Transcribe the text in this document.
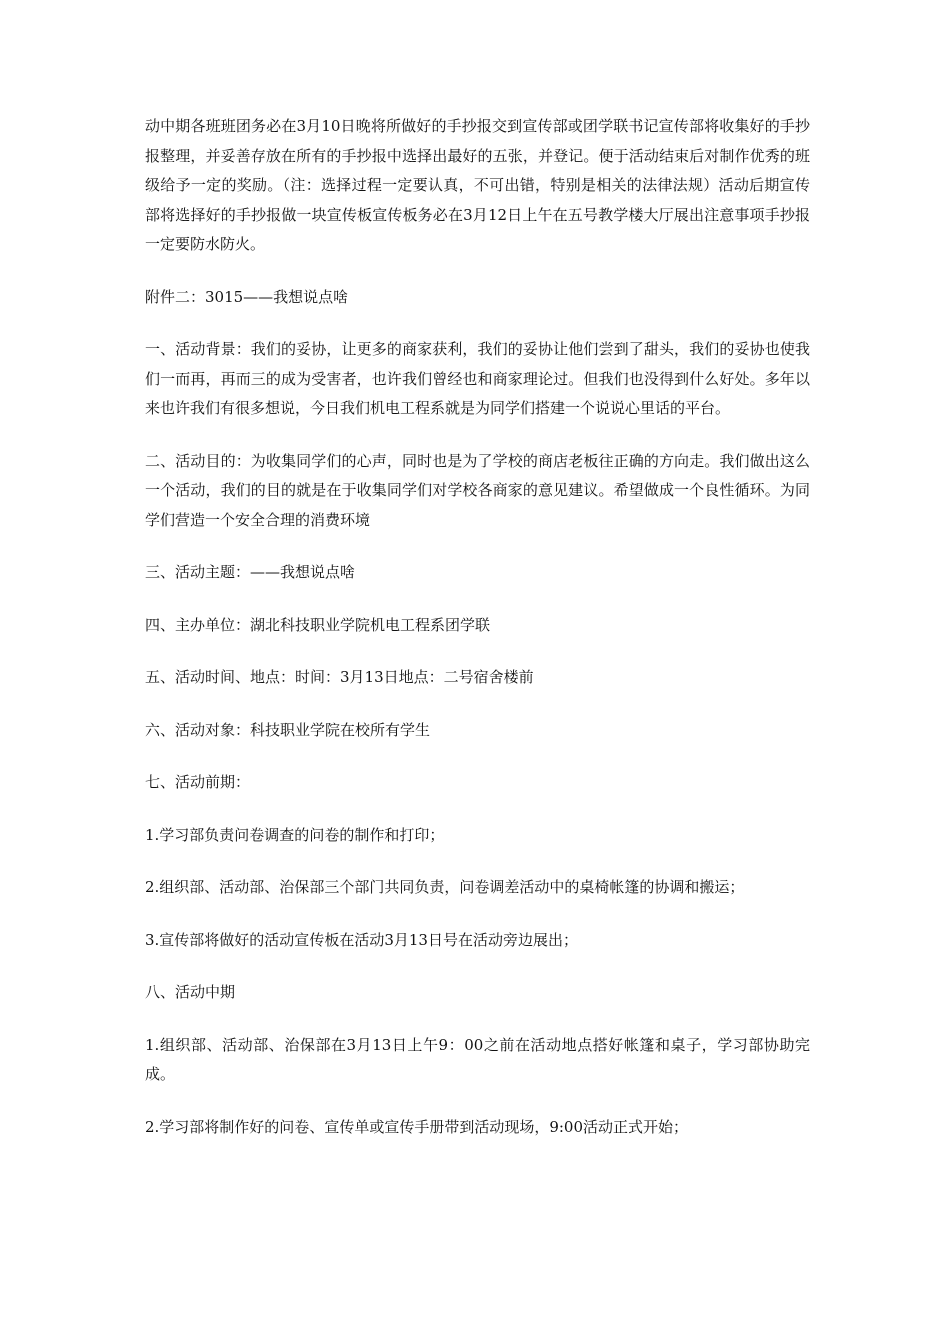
动中期各班班团务必在3月10日晚将所做好的手抄报交到宣传部或团学联书记宣传部将收集好的手抄报整理，并妥善存放在所有的手抄报中选择出最好的五张，并登记。便于活动结束后对制作优秀的班级给予一定的奖励。（注：选择过程一定要认真，不可出错，特别是相关的法律法规）活动后期宣传部将选择好的手抄报做一块宣传板宣传板务必在3月12日上午在五号教学楼大厅展出注意事项手抄报一定要防水防火。

附件二：3015——我想说点啥

一、活动背景：我们的妥协，让更多的商家获利，我们的妥协让他们尝到了甜头，我们的妥协也使我们一而再，再而三的成为受害者，也许我们曾经也和商家理论过。但我们也没得到什么好处。多年以来也许我们有很多想说，今日我们机电工程系就是为同学们搭建一个说说心里话的平台。

二、活动目的：为收集同学们的心声，同时也是为了学校的商店老板往正确的方向走。我们做出这么一个活动，我们的目的就是在于收集同学们对学校各商家的意见建议。希望做成一个良性循环。为同学们营造一个安全合理的消费环境

三、活动主题：——我想说点啥

四、主办单位：湖北科技职业学院机电工程系团学联

五、活动时间、地点：时间：3月13日地点：二号宿舍楼前

六、活动对象：科技职业学院在校所有学生

七、活动前期：

1.学习部负责问卷调查的问卷的制作和打印；

2.组织部、活动部、治保部三个部门共同负责，问卷调差活动中的桌椅帐篷的协调和搬运；

3.宣传部将做好的活动宣传板在活动3月13日号在活动旁边展出；

八、活动中期

1.组织部、活动部、治保部在3月13日上午9：00之前在活动地点搭好帐篷和桌子，学习部协助完成。

2.学习部将制作好的问卷、宣传单或宣传手册带到活动现场，9:00活动正式开始；
